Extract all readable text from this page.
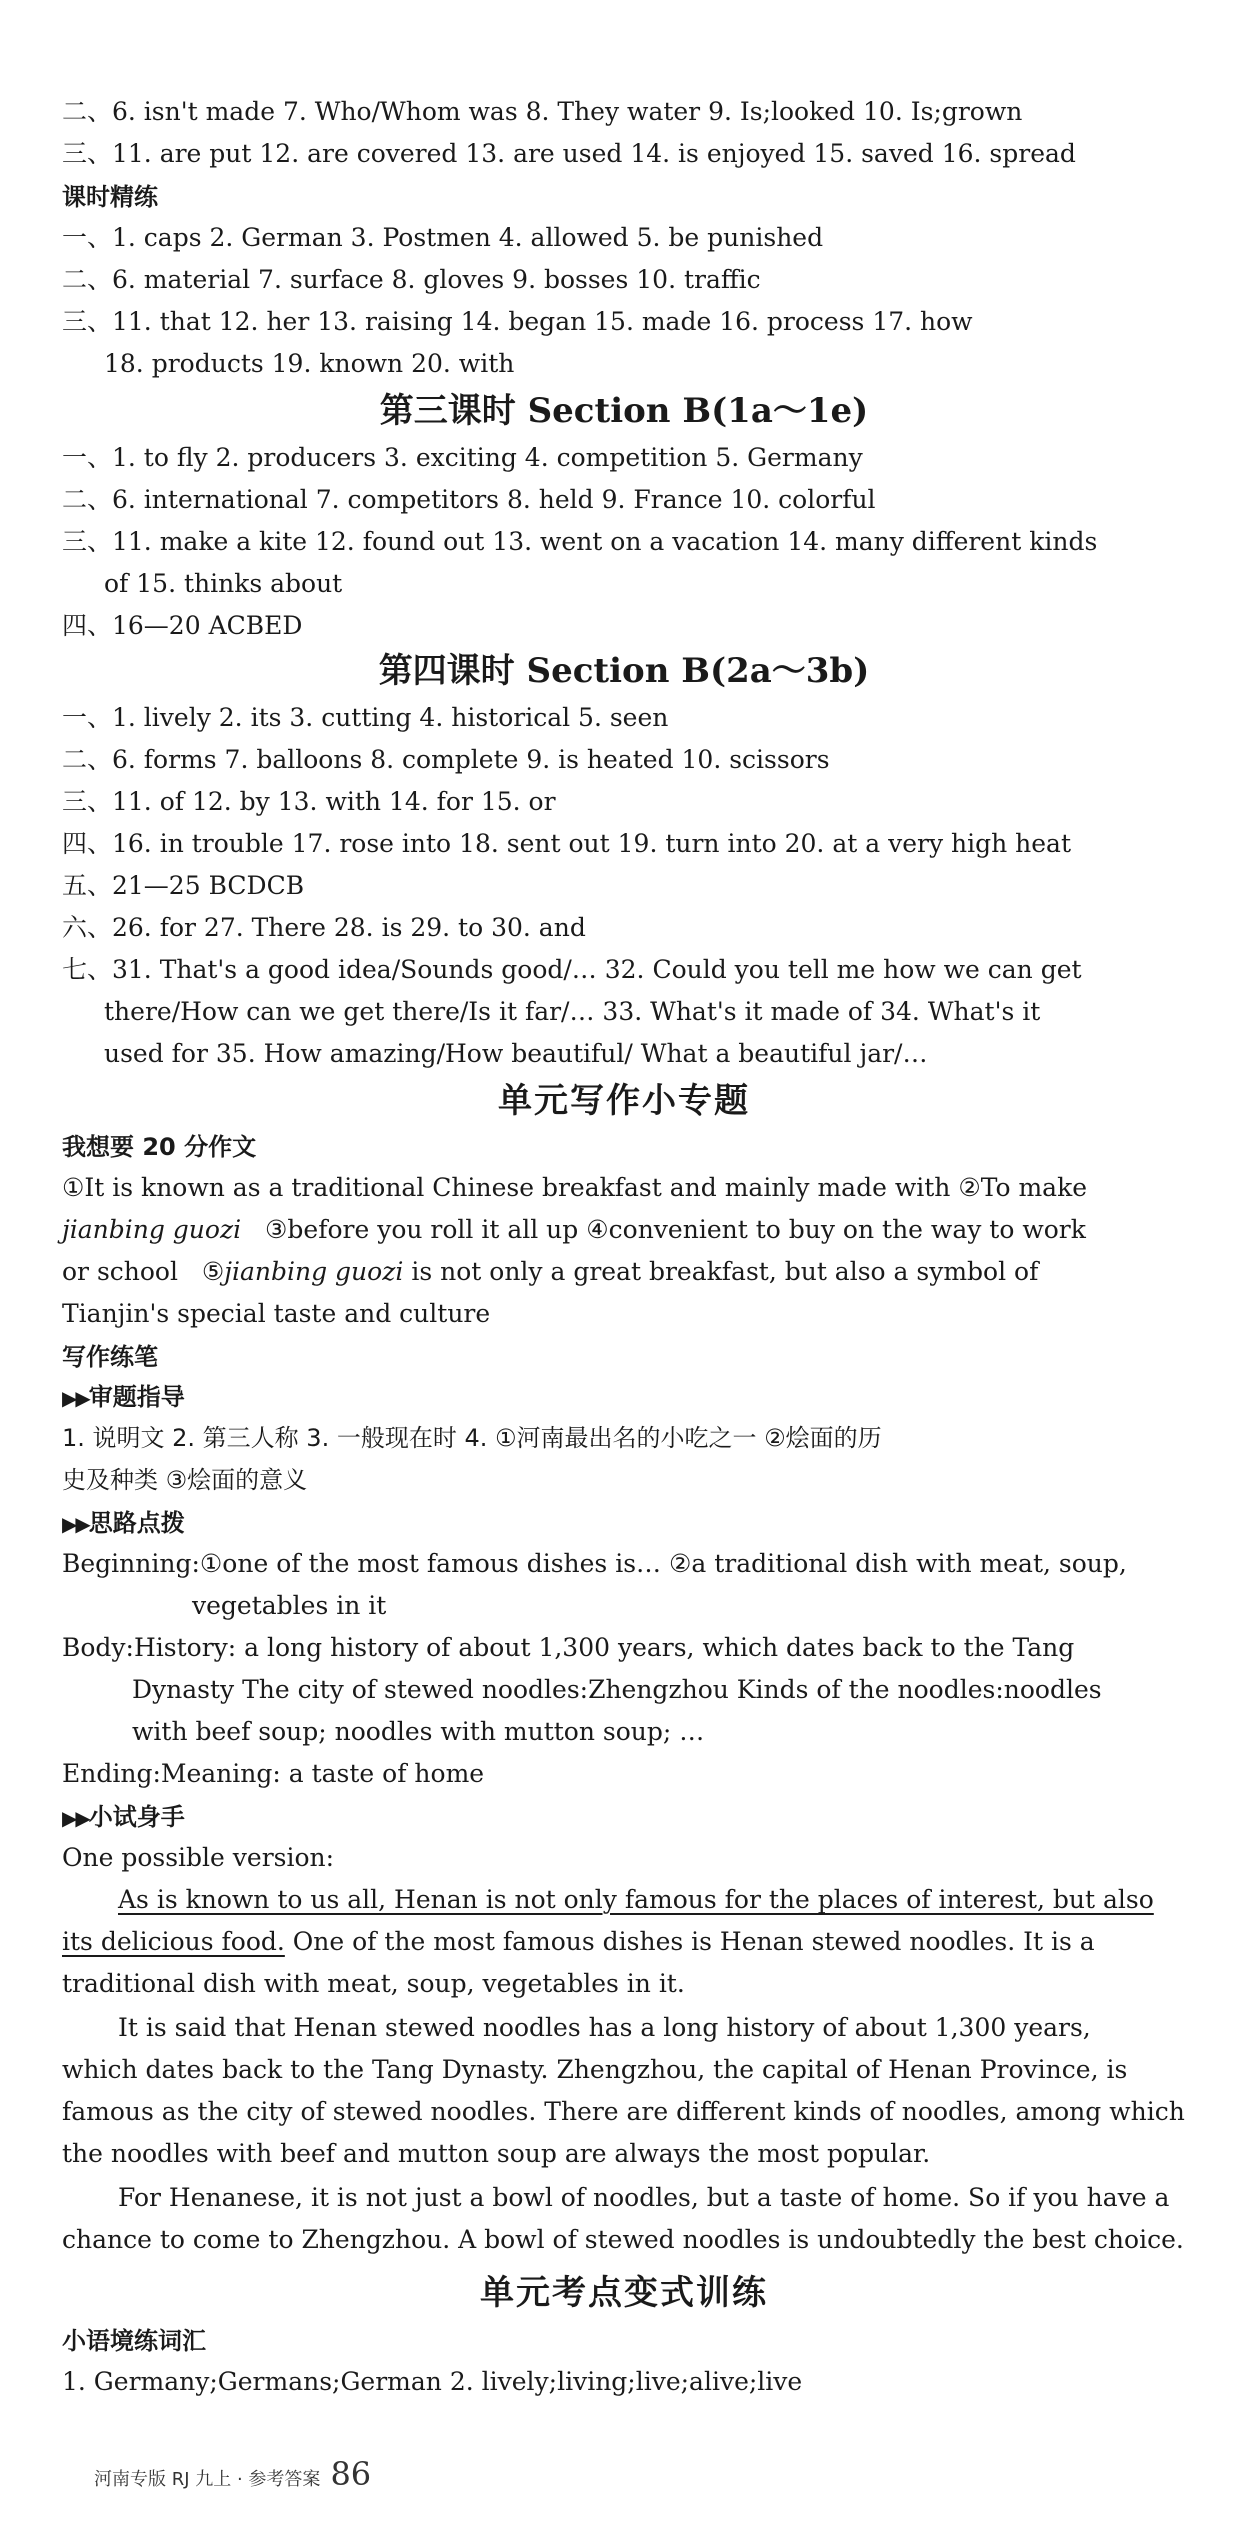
二、6. isn't made 7. Who/Whom was 8. They water 9. Is;looked 10. Is;grown
三、11. are put 12. are covered 13. are used 14. is enjoyed 15. saved 16. spread
课时精练
一、1. caps 2. German 3. Postmen 4. allowed 5. be punished
二、6. material 7. surface 8. gloves 9. bosses 10. traffic
三、11. that 12. her 13. raising 14. began 15. made 16. process 17. how
18. products 19. known 20. with
第三课时 Section B(1a～1e)
一、1. to fly 2. producers 3. exciting 4. competition 5. Germany
二、6. international 7. competitors 8. held 9. France 10. colorful
三、11. make a kite 12. found out 13. went on a vacation 14. many different kinds
of 15. thinks about
四、16—20 ACBED
第四课时 Section B(2a～3b)
一、1. lively 2. its 3. cutting 4. historical 5. seen
二、6. forms 7. balloons 8. complete 9. is heated 10. scissors
三、11. of 12. by 13. with 14. for 15. or
四、16. in trouble 17. rose into 18. sent out 19. turn into 20. at a very high heat
五、21—25 BCDCB
六、26. for 27. There 28. is 29. to 30. and
七、31. That's a good idea/Sounds good/… 32. Could you tell me how we can get
there/How can we get there/Is it far/… 33. What's it made of 34. What's it
used for 35. How amazing/How beautiful/ What a beautiful jar/…
单元写作小专题
我想要 20 分作文
①It is known as a traditional Chinese breakfast and mainly made with ②To make
jianbing guozi ③before you roll it all up ④convenient to buy on the way to work
or school ⑤jianbing guozi is not only a great breakfast, but also a symbol of
Tianjin's special taste and culture
写作练笔
▶▶审题指导
1. 说明文 2. 第三人称 3. 一般现在时 4. ①河南最出名的小吃之一 ②烩面的历
史及种类 ③烩面的意义
▶▶思路点拨
Beginning:①one of the most famous dishes is… ②a traditional dish with meat, soup,
vegetables in it
Body:History: a long history of about 1,300 years, which dates back to the Tang
Dynasty The city of stewed noodles:Zhengzhou Kinds of the noodles:noodles
with beef soup; noodles with mutton soup; …
Ending:Meaning: a taste of home
▶▶小试身手
One possible version:
As is known to us all, Henan is not only famous for the places of interest, but also
its delicious food. One of the most famous dishes is Henan stewed noodles. It is a
traditional dish with meat, soup, vegetables in it.
It is said that Henan stewed noodles has a long history of about 1,300 years,
which dates back to the Tang Dynasty. Zhengzhou, the capital of Henan Province, is
famous as the city of stewed noodles. There are different kinds of noodles, among which
the noodles with beef and mutton soup are always the most popular.
For Henanese, it is not just a bowl of noodles, but a taste of home. So if you have a
chance to come to Zhengzhou. A bowl of stewed noodles is undoubtedly the best choice.
单元考点变式训练
小语境练词汇
1. Germany;Germans;German 2. lively;living;live;alive;live
河南专版 RJ 九上 · 参考答案 86
